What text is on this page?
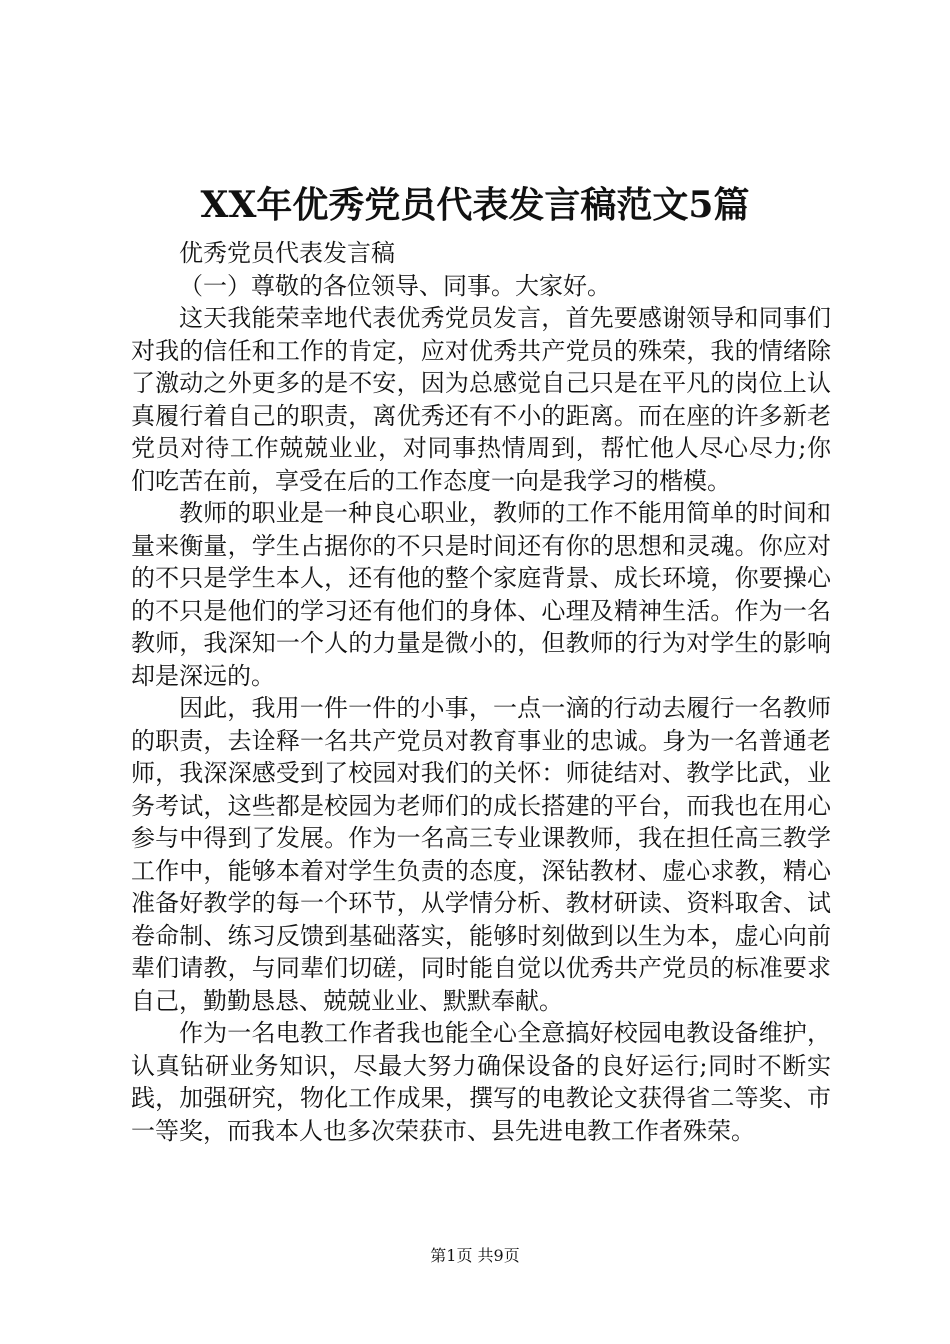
XX年优秀党员代表发言稿范文5篇

优秀党员代表发言稿

（一）尊敬的各位领导、同事。大家好。

这天我能荣幸地代表优秀党员发言，首先要感谢领导和同事们对我的信任和工作的肯定，应对优秀共产党员的殊荣，我的情绪除了激动之外更多的是不安，因为总感觉自己只是在平凡的岗位上认真履行着自己的职责，离优秀还有不小的距离。而在座的许多新老党员对待工作兢兢业业，对同事热情周到，帮忙他人尽心尽力;你们吃苦在前，享受在后的工作态度一向是我学习的楷模。

教师的职业是一种良心职业，教师的工作不能用简单的时间和量来衡量，学生占据你的不只是时间还有你的思想和灵魂。你应对的不只是学生本人，还有他的整个家庭背景、成长环境，你要操心的不只是他们的学习还有他们的身体、心理及精神生活。作为一名教师，我深知一个人的力量是微小的，但教师的行为对学生的影响却是深远的。

因此，我用一件一件的小事，一点一滴的行动去履行一名教师的职责，去诠释一名共产党员对教育事业的忠诚。身为一名普通老师，我深深感受到了校园对我们的关怀：师徒结对、教学比武，业务考试，这些都是校园为老师们的成长搭建的平台，而我也在用心参与中得到了发展。作为一名高三专业课教师，我在担任高三教学工作中，能够本着对学生负责的态度，深钻教材、虚心求教，精心准备好教学的每一个环节，从学情分析、教材研读、资料取舍、试卷命制、练习反馈到基础落实，能够时刻做到以生为本，虚心向前辈们请教，与同辈们切磋，同时能自觉以优秀共产党员的标准要求自己，勤勤恳恳、兢兢业业、默默奉献。

作为一名电教工作者我也能全心全意搞好校园电教设备维护，认真钻研业务知识，尽最大努力确保设备的良好运行;同时不断实践，加强研究，物化工作成果，撰写的电教论文获得省二等奖、市一等奖，而我本人也多次荣获市、县先进电教工作者殊荣。

第1页 共9页
